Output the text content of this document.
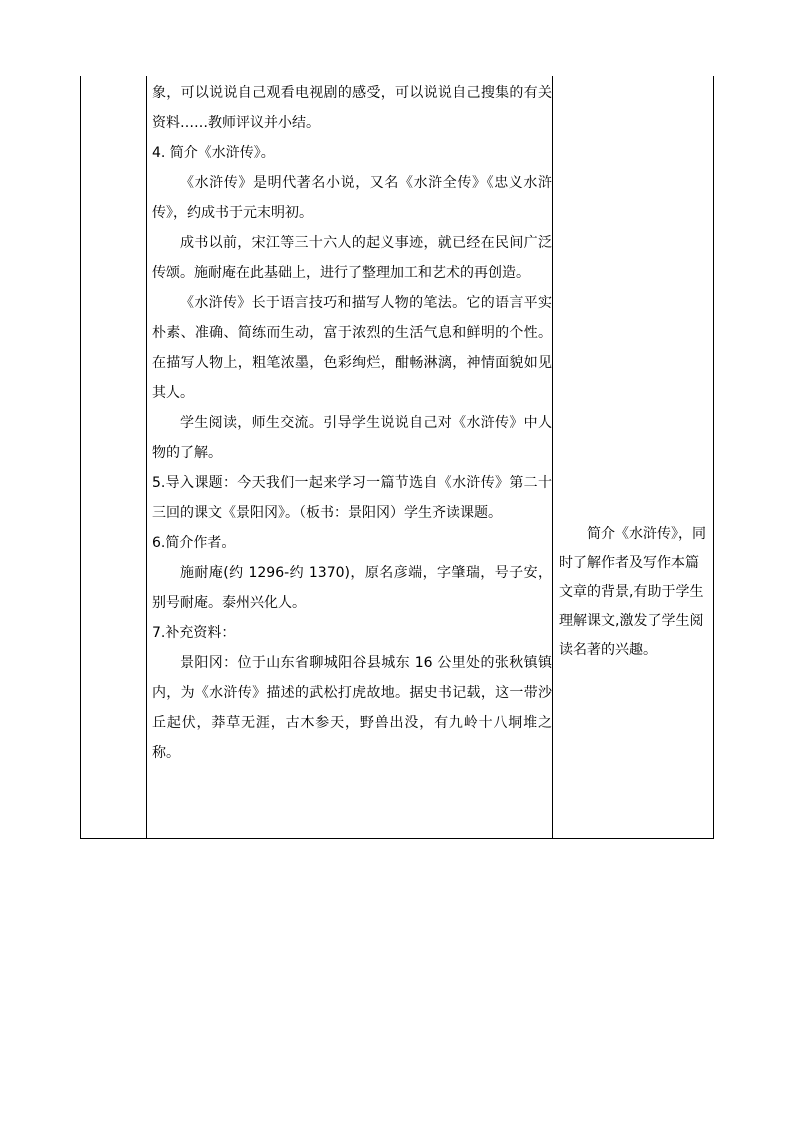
象，可以说说自己观看电视剧的感受，可以说说自己搜集的有关资料……教师评议并小结。

4. 简介《水浒传》。

《水浒传》是明代著名小说，又名《水浒全传》《忠义水浒传》，约成书于元末明初。

成书以前，宋江等三十六人的起义事迹，就已经在民间广泛传颂。施耐庵在此基础上，进行了整理加工和艺术的再创造。

《水浒传》长于语言技巧和描写人物的笔法。它的语言平实朴素、准确、简练而生动，富于浓烈的生活气息和鲜明的个性。在描写人物上，粗笔浓墨，色彩绚烂，酣畅淋漓，神情面貌如见其人。

学生阅读，师生交流。引导学生说说自己对《水浒传》中人物的了解。

5.导入课题：今天我们一起来学习一篇节选自《水浒传》第二十三回的课文《景阳冈》。（板书：景阳冈）学生齐读课题。

6.简介作者。

施耐庵(约 1296-约 1370)，原名彦端，字肇瑞，号子安，别号耐庵。泰州兴化人。

7.补充资料：

景阳冈：位于山东省聊城阳谷县城东 16 公里处的张秋镇镇内，为《水浒传》描述的武松打虎故地。据史书记载，这一带沙丘起伏，莽草无涯，古木参天，野兽出没，有九岭十八垌堆之称。

简介《水浒传》，同时了解作者及写作本篇文章的背景,有助于学生理解课文,激发了学生阅读名著的兴趣。
